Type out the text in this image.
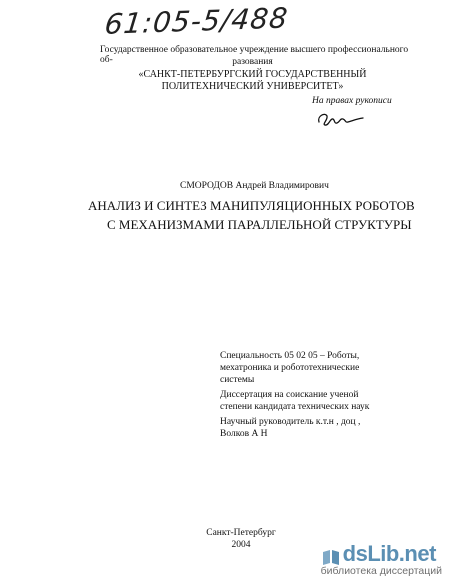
61:05-5/488
Государственное образовательное учреждение высшего профессионального об-	разования
«САНКТ-ПЕТЕРБУРГСКИЙ ГОСУДАРСТВЕННЫЙ
ПОЛИТЕХНИЧЕСКИЙ УНИВЕРСИТЕТ»
На правах рукописи
СМОРОДОВ Андрей Владимирович
АНАЛИЗ И СИНТЕЗ МАНИПУЛЯЦИОННЫХ РОБОТОВ
С МЕХАНИЗМАМИ ПАРАЛЛЕЛЬНОЙ СТРУКТУРЫ
Специальность 05 02 05 – Роботы,
мехатроника и робототехнические
системы
Диссертация на соискание ученой
степени кандидата технических наук
Научный руководитель к.т.н , доц ,
Волков А Н
Санкт-Петербург
2004	dsLib.net
библиотека диссертаций
